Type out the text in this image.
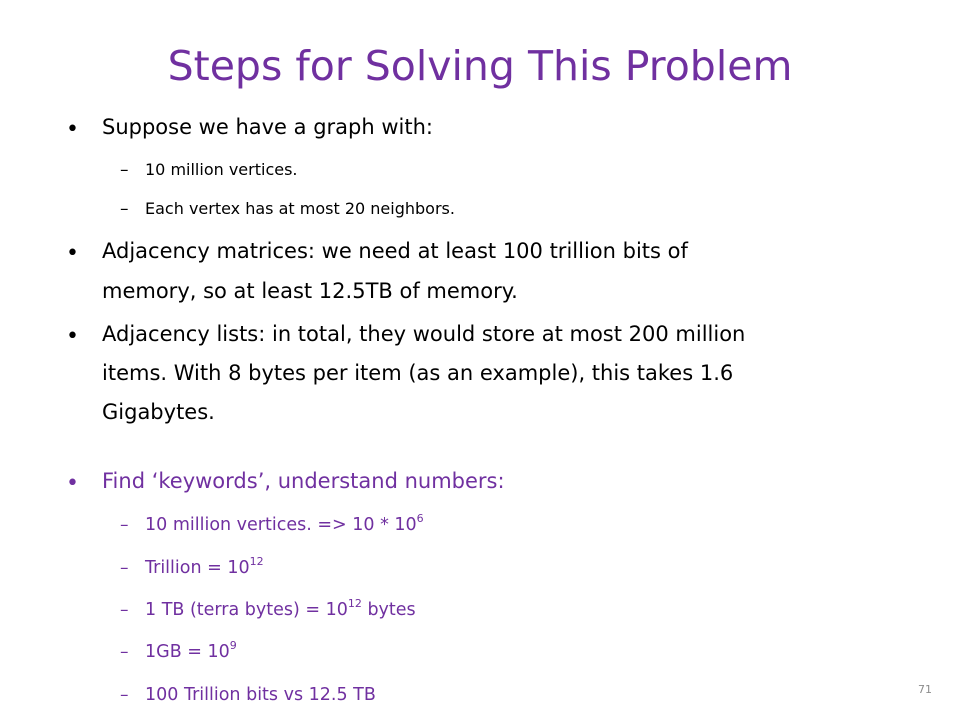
Steps for Solving This Problem
• Suppose we have a graph with:
– 10 million vertices.
– Each vertex has at most 20 neighbors.
• Adjacency matrices: we need at least 100 trillion bits of
memory, so at least 12.5TB of memory.
• Adjacency lists: in total, they would store at most 200 million
items. With 8 bytes per item (as an example), this takes 1.6
Gigabytes.
• Find ‘keywords’, understand numbers:
– 10 million vertices. => $10 * 10^6$
– Trillion = $10^{12}$
– 1 TB (terra bytes) = $10^{12}$ bytes
– $1GB = 10^9$
– 100 Trillion bits vs 12.5 TB	71
